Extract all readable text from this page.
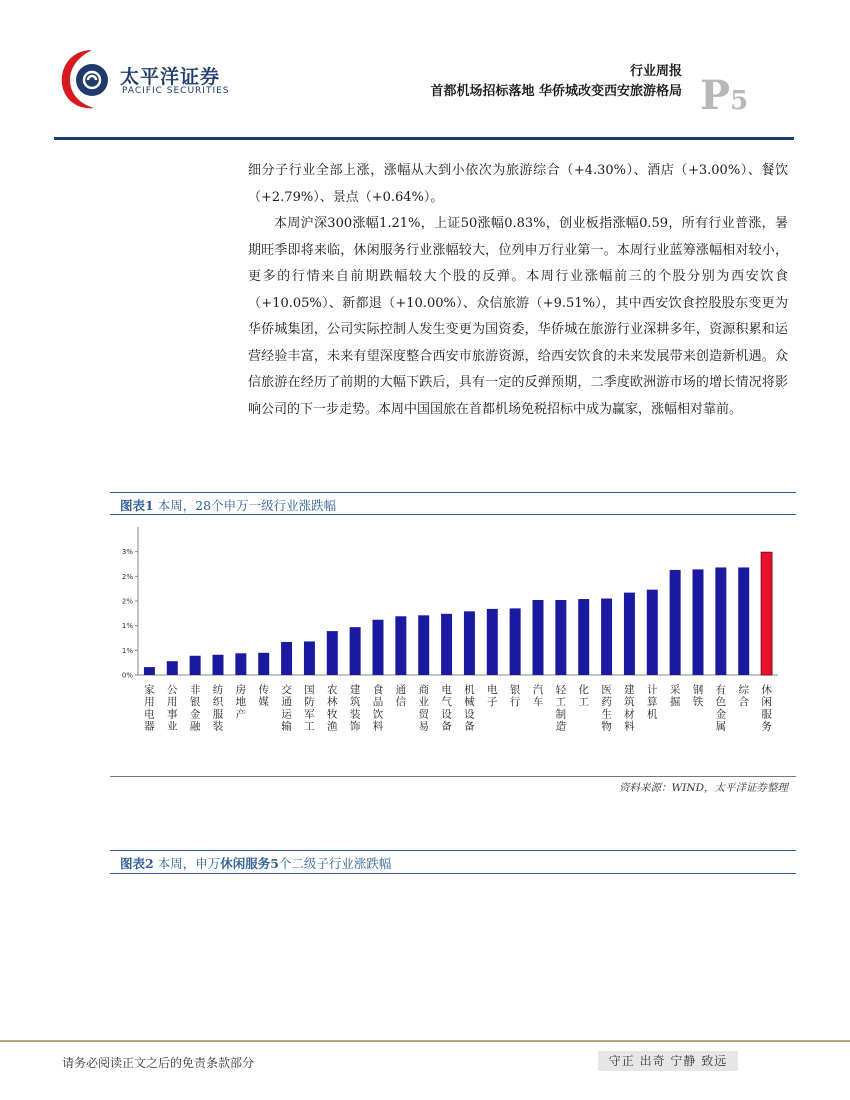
太平洋证券
PACIFIC SECURITIES
行业周报
首都机场招标落地 华侨城改变西安旅游格局 P5

细分子行业全部上涨，涨幅从大到小依次为旅游综合（+4.30%）、酒店（+3.00%）、餐饮（+2.79%）、景点（+0.64%）。

本周沪深300涨幅1.21%，上证50涨幅0.83%，创业板指涨幅0.59，所有行业普涨，暑期旺季即将来临，休闲服务行业涨幅较大，位列申万行业第一。本周行业蓝筹涨幅相对较小，更多的行情来自前期跌幅较大个股的反弹。本周行业涨幅前三的个股分别为西安饮食（+10.05%）、新都退（+10.00%）、众信旅游（+9.51%），其中西安饮食控股股东变更为华侨城集团，公司实际控制人发生变更为国资委，华侨城在旅游行业深耕多年，资源积累和运营经验丰富，未来有望深度整合西安市旅游资源，给西安饮食的未来发展带来创造新机遇。众信旅游在经历了前期的大幅下跌后，具有一定的反弹预期，二季度欧洲游市场的增长情况将影响公司的下一步走势。本周中国国旅在首都机场免税招标中成为赢家，涨幅相对靠前。

图表1 本周，28个申万一级行业涨跌幅
0%
1%
1%
2%
2%
3%
家
用
电
器
公
用
事
业
非
银
金
融
纺
织
服
装
房
地
产
传
媒
交
通
运
输
国
防
军
工
农
林
牧
渔
建
筑
装
饰
食
品
饮
料
通
信
商
业
贸
易
电
气
设
备
机
械
设
备
电
子
银
行
汽
车
轻
工
制
造
化
工
医
药
生
物
建
筑
材
料
计
算
机
采
掘
钢
铁
有
色
金
属
综
合
休
闲
服
务
资料来源：WIND，太平洋证券整理
图表2 本周，申万休闲服务5个二级子行业涨跌幅
请务必阅读正文之后的免责条款部分	守正 出奇 宁静 致远
